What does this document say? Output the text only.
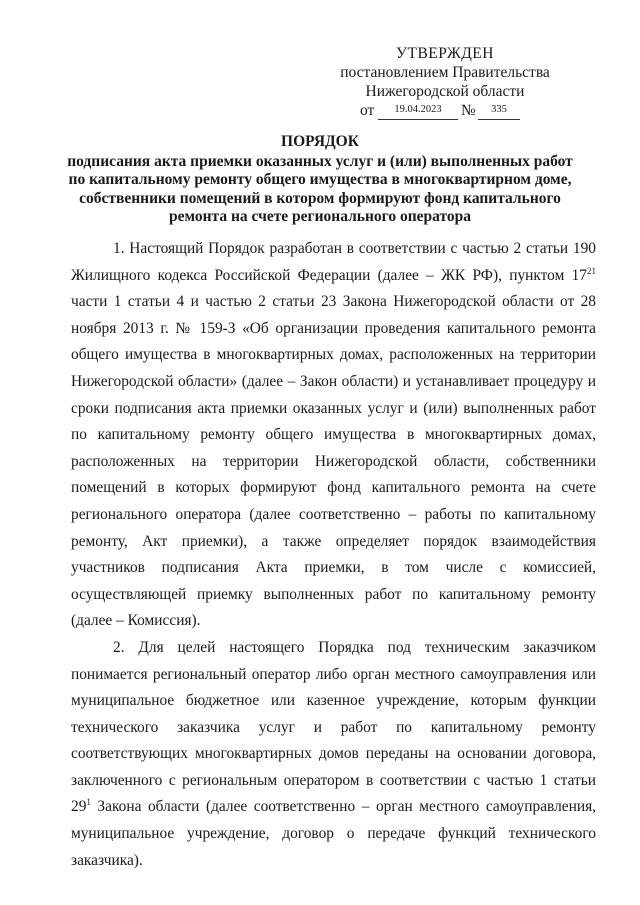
УТВЕРЖДЕН
постановлением Правительства
Нижегородской области
от	19.04.2023	№	335
ПОРЯДОК
подписания акта приемки оказанных услуг и (или) выполненных работ по капитальному ремонту общего имущества в многоквартирном доме, собственники помещений в котором формируют фонд капитального ремонта на счете регионального оператора

1. Настоящий Порядок разработан в соответствии с частью 2 статьи 190 Жилищного кодекса Российской Федерации (далее – ЖК РФ), пунктом $17^{21}$ части 1 статьи 4 и частью 2 статьи 23 Закона Нижегородской области от 28 ноября 2013 г. № 159-З «Об организации проведения капитального ремонта общего имущества в многоквартирных домах, расположенных на территории Нижегородской области» (далее – Закон области) и устанавливает процедуру и сроки подписания акта приемки оказанных услуг и (или) выполненных работ по капитальному ремонту общего имущества в многоквартирных домах, расположенных на территории Нижегородской области, собственники помещений в которых формируют фонд капитального ремонта на счете регионального оператора (далее соответственно – работы по капитальному ремонту, Акт приемки), а также определяет порядок взаимодействия участников подписания Акта приемки, в том числе с комиссией, осуществляющей приемку выполненных работ по капитальному ремонту (далее – Комиссия).

2. Для целей настоящего Порядка под техническим заказчиком понимается региональный оператор либо орган местного самоуправления или муниципальное бюджетное или казенное учреждение, которым функции технического заказчика услуг и работ по капитальному ремонту соответствующих многоквартирных домов переданы на основании договора, заключенного с региональным оператором в соответствии с частью 1 статьи $29^1$ Закона области (далее соответственно – орган местного самоуправления, муниципальное учреждение, договор о передаче функций технического заказчика).
